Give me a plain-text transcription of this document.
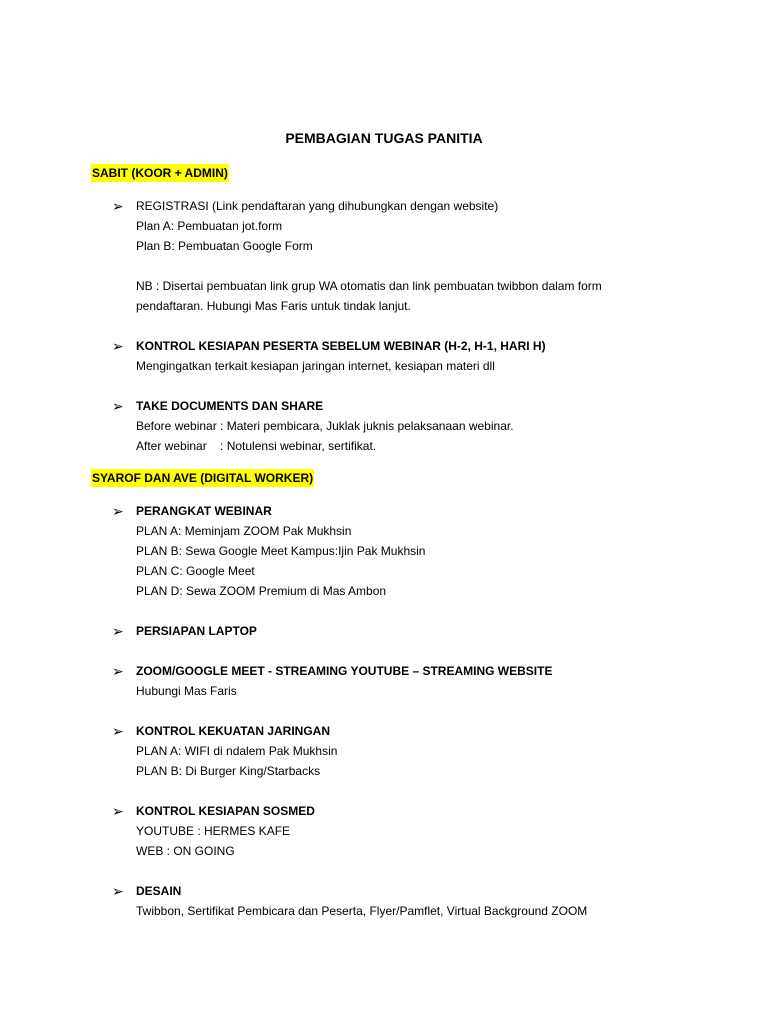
PEMBAGIAN TUGAS PANITIA
SABIT (KOOR + ADMIN)
➢	REGISTRASI (Link pendaftaran yang dihubungkan dengan website)
Plan A: Pembuatan jot.form
Plan B: Pembuatan Google Form
NB : Disertai pembuatan link grup WA otomatis dan link pembuatan twibbon dalam form pendaftaran. Hubungi Mas Faris untuk tindak lanjut.
➢	KONTROL KESIAPAN PESERTA SEBELUM WEBINAR (H-2, H-1, HARI H)
Mengingatkan terkait kesiapan jaringan internet, kesiapan materi dll
➢	TAKE DOCUMENTS DAN SHARE
Before webinar : Materi pembicara, Juklak juknis pelaksanaan webinar.
After webinar    : Notulensi webinar, sertifikat.
SYAROF DAN AVE (DIGITAL WORKER)
➢	PERANGKAT WEBINAR
PLAN A: Meminjam ZOOM Pak Mukhsin
PLAN B: Sewa Google Meet Kampus:Ijin Pak Mukhsin
PLAN C: Google Meet
PLAN D: Sewa ZOOM Premium di Mas Ambon
➢	PERSIAPAN LAPTOP
➢	ZOOM/GOOGLE MEET - STREAMING YOUTUBE – STREAMING WEBSITE
Hubungi Mas Faris
➢	KONTROL KEKUATAN JARINGAN
PLAN A: WIFI di ndalem Pak Mukhsin
PLAN B: Di Burger King/Starbacks
➢	KONTROL KESIAPAN SOSMED
YOUTUBE : HERMES KAFE
WEB : ON GOING
➢	DESAIN
Twibbon, Sertifikat Pembicara dan Peserta, Flyer/Pamflet, Virtual Background ZOOM
